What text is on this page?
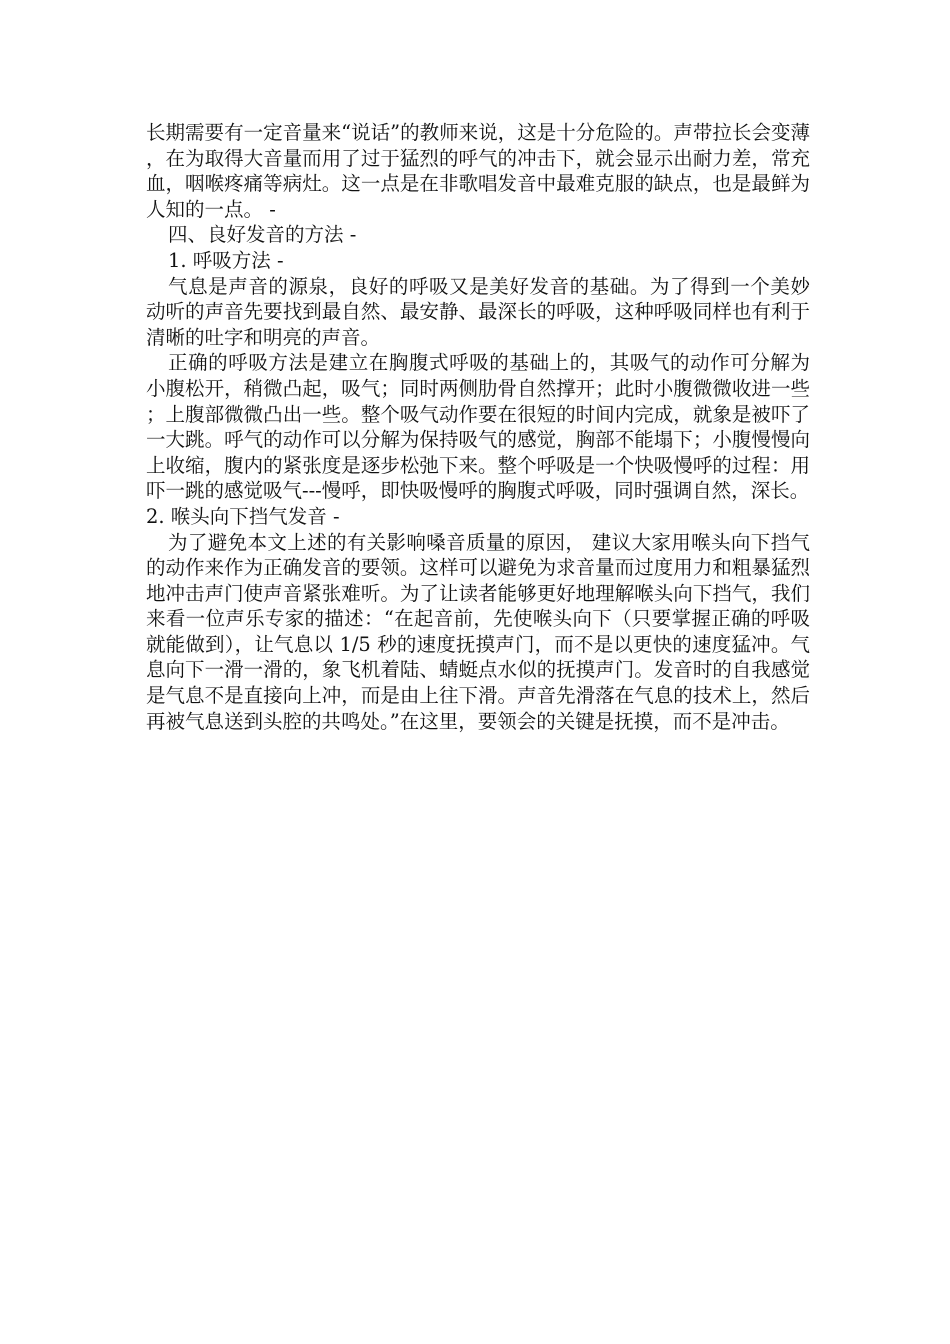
长期需要有一定音量来“说话”的教师来说，这是十分危险的。声带拉长会变薄，在为取得大音量而用了过于猛烈的呼气的冲击下，就会显示出耐力差，常充血，咽喉疼痛等病灶。这一点是在非歌唱发音中最难克服的缺点，也是最鲜为人知的一点。 -

四、良好发音的方法 -

1. 呼吸方法 -

气息是声音的源泉，良好的呼吸又是美好发音的基础。为了得到一个美妙动听的声音先要找到最自然、最安静、最深长的呼吸，这种呼吸同样也有利于清晰的吐字和明亮的声音。

正确的呼吸方法是建立在胸腹式呼吸的基础上的，其吸气的动作可分解为小腹松开，稍微凸起，吸气；同时两侧肋骨自然撑开；此时小腹微微收进一些；上腹部微微凸出一些。整个吸气动作要在很短的时间内完成，就象是被吓了一大跳。呼气的动作可以分解为保持吸气的感觉，胸部不能塌下；小腹慢慢向上收缩，腹内的紧张度是逐步松弛下来。整个呼吸是一个快吸慢呼的过程：用吓一跳的感觉吸气---慢呼，即快吸慢呼的胸腹式呼吸，同时强调自然，深长。

2. 喉头向下挡气发音 -

为了避免本文上述的有关影响嗓音质量的原因， 建议大家用喉头向下挡气的动作来作为正确发音的要领。这样可以避免为求音量而过度用力和粗暴猛烈地冲击声门使声音紧张难听。为了让读者能够更好地理解喉头向下挡气，我们来看一位声乐专家的描述：“在起音前，先使喉头向下（只要掌握正确的呼吸就能做到），让气息以 1/5 秒的速度抚摸声门，而不是以更快的速度猛冲。气息向下一滑一滑的，象飞机着陆、蜻蜓点水似的抚摸声门。发音时的自我感觉是气息不是直接向上冲，而是由上往下滑。声音先滑落在气息的技术上，然后再被气息送到头腔的共鸣处。”在这里，要领会的关键是抚摸，而不是冲击。
